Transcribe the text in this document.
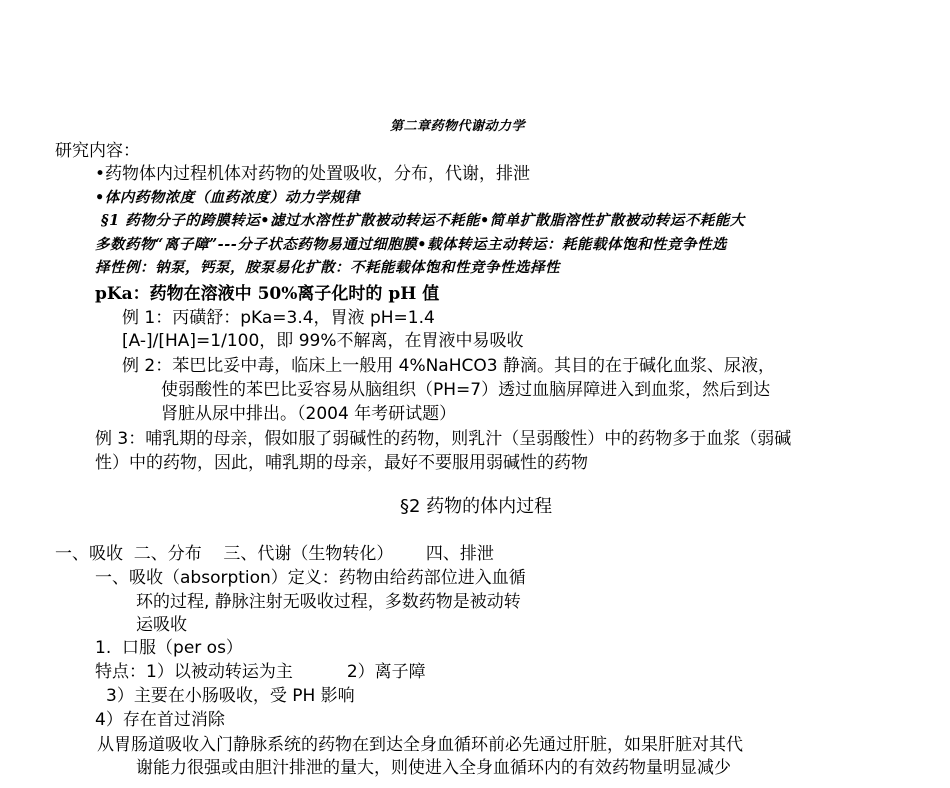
第二章药物代谢动力学
研究内容：
•药物体内过程机体对药物的处置吸收，分布，代谢，排泄
•体内药物浓度（血药浓度）动力学规律
§1 药物分子的跨膜转运•滤过水溶性扩散被动转运不耗能•简单扩散脂溶性扩散被动转运不耗能大
多数药物“离子障”---分子状态药物易通过细胞膜•载体转运主动转运：耗能载体饱和性竞争性选
择性例：钠泵，钙泵，胺泵易化扩散：不耗能载体饱和性竞争性选择性
pKa：药物在溶液中 50%离子化时的 pH 值
例 1：丙磺舒：pKa=3.4，胃液 pH=1.4
[A-]/[HA]=1/100，即 99%不解离，在胃液中易吸收
例 2：苯巴比妥中毒，临床上一般用 4%NaHCO3 静滴。其目的在于碱化血浆、尿液，
使弱酸性的苯巴比妥容易从脑组织（PH=7）透过血脑屏障进入到血浆，然后到达
肾脏从尿中排出。（2004 年考研试题）
例 3：哺乳期的母亲，假如服了弱碱性的药物，则乳汁（呈弱酸性）中的药物多于血浆（弱碱
性）中的药物，因此，哺乳期的母亲，最好不要服用弱碱性的药物
§2 药物的体内过程
一、吸收  二、分布    三、代谢（生物转化）      四、排泄
一、吸收（absorption）定义：药物由给药部位进入血循
环的过程, 静脉注射无吸收过程，多数药物是被动转
运吸收
1.  口服（per os）
特点：1）以被动转运为主          2）离子障
3）主要在小肠吸收，受 PH 影响
4）存在首过消除
从胃肠道吸收入门静脉系统的药物在到达全身血循环前必先通过肝脏，如果肝脏对其代
谢能力很强或由胆汁排泄的量大，则使进入全身血循环内的有效药物量明显减少
